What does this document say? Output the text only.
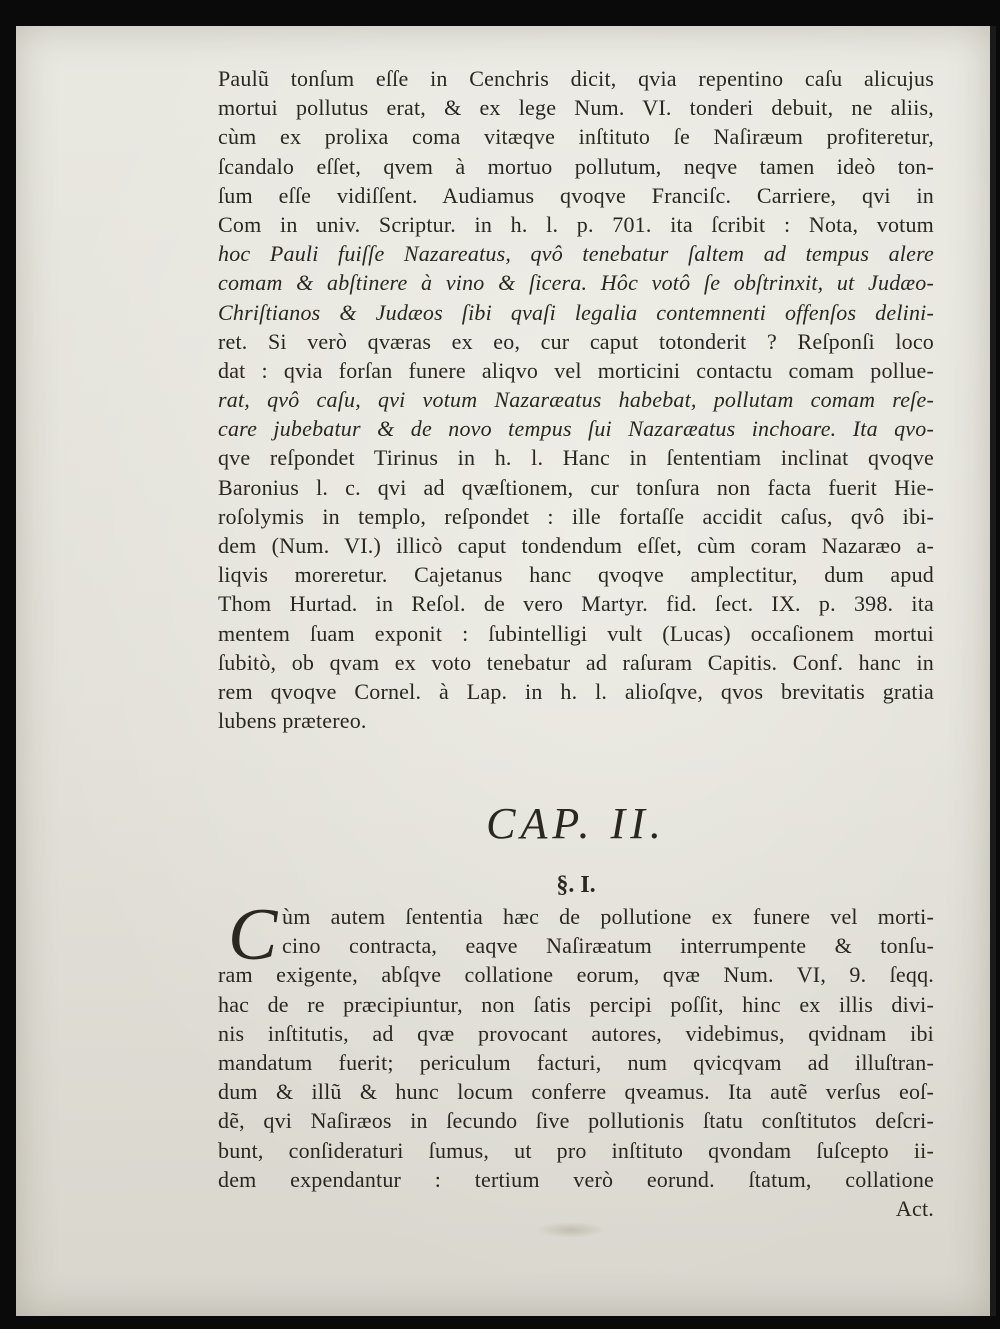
Paulũ tonſum eſſe in Cenchris dicit, qvia repentino caſu alicujus
mortui pollutus erat, & ex lege Num. VI. tonderi debuit, ne aliis,
cùm ex prolixa coma vitæqve inſtituto ſe Naſiræum profiteretur,
ſcandalo eſſet, qvem à mortuo pollutum, neqve tamen ideò ton-
ſum eſſe vidiſſent. Audiamus qvoqve Franciſc. Carriere, qvi in
Com in univ. Scriptur. in h. l. p. 701. ita ſcribit : Nota, votum
hoc Pauli fuiſſe Nazareatus, qvô tenebatur ſaltem ad tempus alere
comam & abſtinere à vino & ſicera. Hôc votô ſe obſtrinxit, ut Judæo-
Chriſtianos & Judæos ſibi qvaſi legalia contemnenti offenſos delini-
ret. Si verò qværas ex eo, cur caput totonderit ? Reſponſi loco
dat : qvia forſan funere aliqvo vel morticini contactu comam pollue-
rat, qvô caſu, qvi votum Nazaræatus habebat, pollutam comam reſe-
care jubebatur & de novo tempus ſui Nazaræatus inchoare. Ita qvo-
qve reſpondet Tirinus in h. l. Hanc in ſententiam inclinat qvoqve
Baronius l. c. qvi ad qvæſtionem, cur tonſura non facta fuerit Hie-
roſolymis in templo, reſpondet : ille fortaſſe accidit caſus, qvô ibi-
dem (Num. VI.) illicò caput tondendum eſſet, cùm coram Nazaræo a-
liqvis moreretur. Cajetanus hanc qvoqve amplectitur, dum apud
Thom Hurtad. in Reſol. de vero Martyr. fid. ſect. IX. p. 398. ita
mentem ſuam exponit : ſubintelligi vult (Lucas) occaſionem mortui
ſubitò, ob qvam ex voto tenebatur ad raſuram Capitis. Conf. hanc in
rem qvoqve Cornel. à Lap. in h. l. alioſqve, qvos brevitatis gratia
lubens prætereo.
CAP. II.
§. I.
C ùm autem ſententia hæc de pollutione ex funere vel morti-
cino contracta, eaqve Naſiræatum interrumpente & tonſu-
ram exigente, abſqve collatione eorum, qvæ Num. VI, 9. ſeqq.
hac de re præcipiuntur, non ſatis percipi poſſit, hinc ex illis divi-
nis inſtitutis, ad qvæ provocant autores, videbimus, qvidnam ibi
mandatum fuerit; periculum facturi, num qvicqvam ad illuſtran-
dum & illũ & hunc locum conferre qveamus. Ita autẽ verſus eoſ-
dẽ, qvi Naſiræos in ſecundo ſive pollutionis ſtatu conſtitutos deſcri-
bunt, conſideraturi ſumus, ut pro inſtituto qvondam ſuſcepto ii-
dem expendantur : tertium verò eorund. ſtatum, collatione
Act.
